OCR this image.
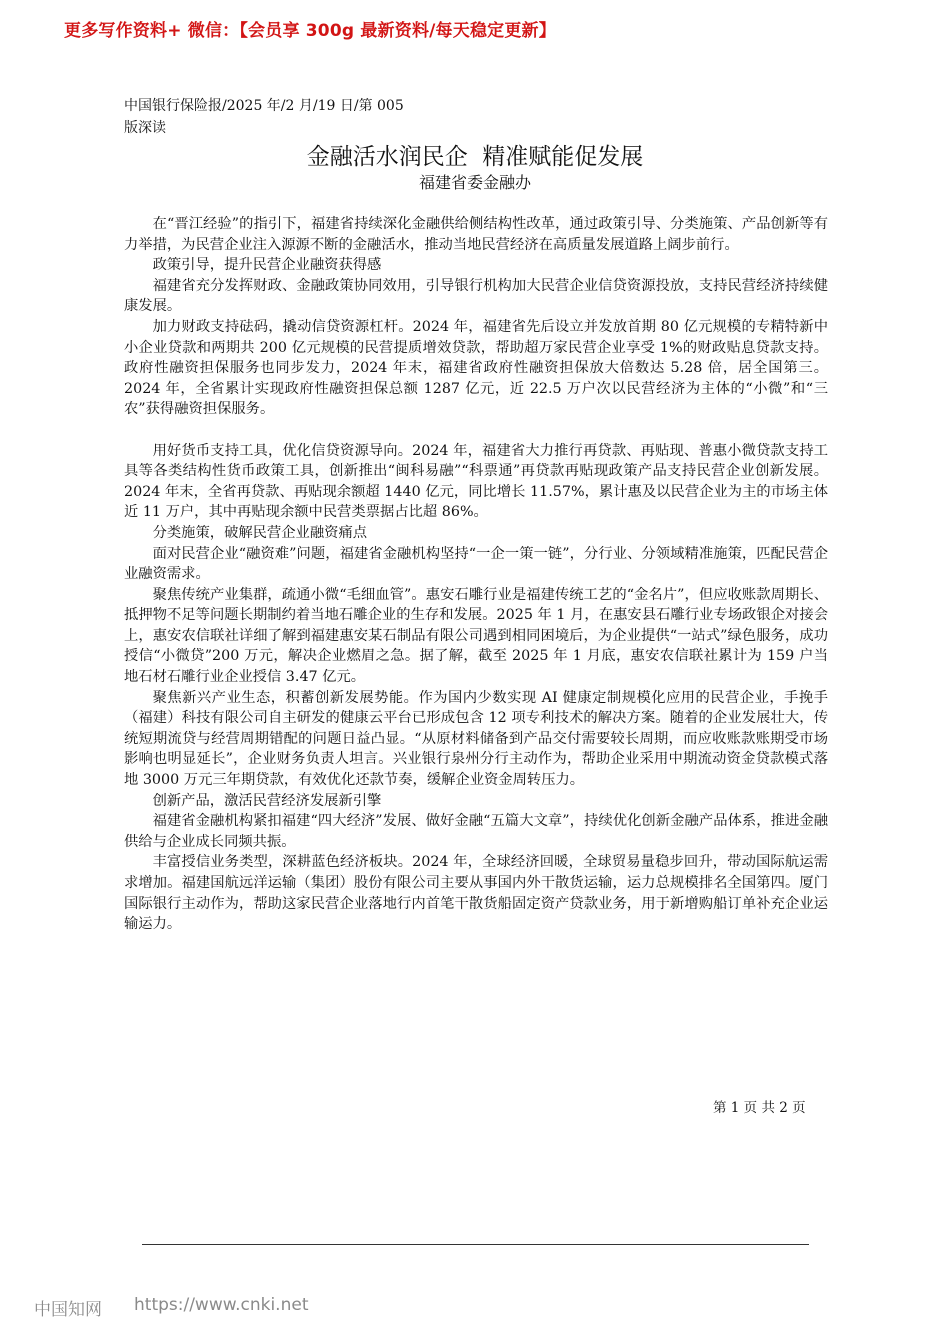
更多写作资料+ 微信：【会员享 300g 最新资料/每天稳定更新】
中国银行保险报/2025 年/2 月/19 日/第 005
版深读
金融活水润民企  精准赋能促发展
福建省委金融办

在“晋江经验”的指引下，福建省持续深化金融供给侧结构性改革，通过政策引导、分类施策、产品创新等有力举措，为民营企业注入源源不断的金融活水，推动当地民营经济在高质量发展道路上阔步前行。

政策引导，提升民营企业融资获得感

福建省充分发挥财政、金融政策协同效用，引导银行机构加大民营企业信贷资源投放，支持民营经济持续健康发展。

加力财政支持砝码，撬动信贷资源杠杆。2024 年，福建省先后设立并发放首期 80 亿元规模的专精特新中小企业贷款和两期共 200 亿元规模的民营提质增效贷款，帮助超万家民营企业享受 1%的财政贴息贷款支持。政府性融资担保服务也同步发力，2024 年末，福建省政府性融资担保放大倍数达 5.28 倍，居全国第三。2024 年，全省累计实现政府性融资担保总额 1287 亿元，近 22.5 万户次以民营经济为主体的“小微”和“三农”获得融资担保服务。

用好货币支持工具，优化信贷资源导向。2024 年，福建省大力推行再贷款、再贴现、普惠小微贷款支持工具等各类结构性货币政策工具，创新推出“闽科易融”“科票通”再贷款再贴现政策产品支持民营企业创新发展。2024 年末，全省再贷款、再贴现余额超 1440 亿元，同比增长 11.57%，累计惠及以民营企业为主的市场主体近 11 万户，其中再贴现余额中民营类票据占比超 86%。

分类施策，破解民营企业融资痛点

面对民营企业“融资难”问题，福建省金融机构坚持“一企一策一链”，分行业、分领域精准施策，匹配民营企业融资需求。

聚焦传统产业集群，疏通小微“毛细血管”。惠安石雕行业是福建传统工艺的“金名片”，但应收账款周期长、抵押物不足等问题长期制约着当地石雕企业的生存和发展。2025 年 1 月，在惠安县石雕行业专场政银企对接会上，惠安农信联社详细了解到福建惠安某石制品有限公司遇到相同困境后，为企业提供“一站式”绿色服务，成功授信“小微贷”200 万元，解决企业燃眉之急。据了解，截至 2025 年 1 月底，惠安农信联社累计为 159 户当地石材石雕行业企业授信 3.47 亿元。

聚焦新兴产业生态，积蓄创新发展势能。作为国内少数实现 AI 健康定制规模化应用的民营企业，手挽手（福建）科技有限公司自主研发的健康云平台已形成包含 12 项专利技术的解决方案。随着的企业发展壮大，传统短期流贷与经营周期错配的问题日益凸显。“从原材料储备到产品交付需要较长周期，而应收账款账期受市场影响也明显延长”，企业财务负责人坦言。兴业银行泉州分行主动作为，帮助企业采用中期流动资金贷款模式落地 3000 万元三年期贷款，有效优化还款节奏，缓解企业资金周转压力。

创新产品，激活民营经济发展新引擎

福建省金融机构紧扣福建“四大经济”发展、做好金融“五篇大文章”，持续优化创新金融产品体系，推进金融供给与企业成长同频共振。

丰富授信业务类型，深耕蓝色经济板块。2024 年，全球经济回暖，全球贸易量稳步回升，带动国际航运需求增加。福建国航远洋运输（集团）股份有限公司主要从事国内外干散货运输，运力总规模排名全国第四。厦门国际银行主动作为，帮助这家民营企业落地行内首笔干散货船固定资产贷款业务，用于新增购船订单补充企业运输运力。

第 1 页 共 2 页
中国知网 https://www.cnki.net
